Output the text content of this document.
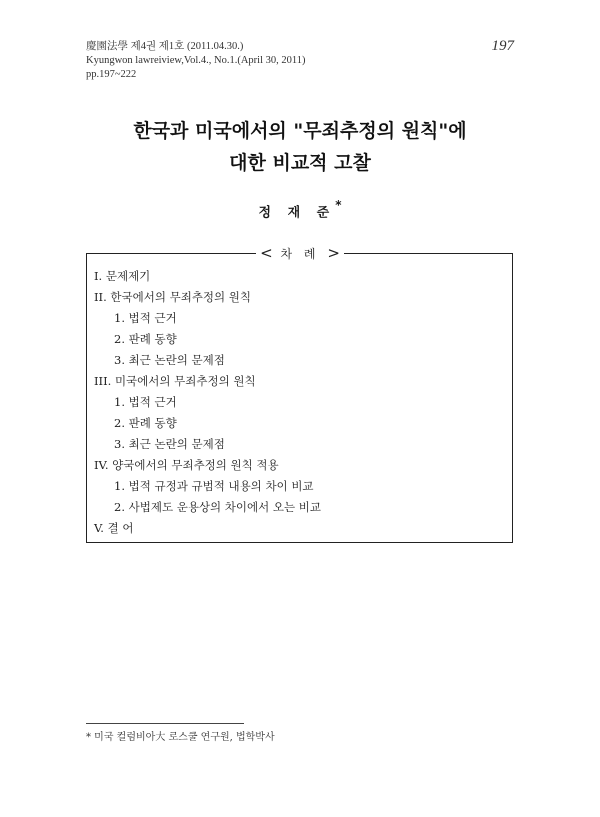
慶園法學 제4권 제1호 (2011.04.30.)
Kyungwon lawreiview,Vol.4., No.1.(April 30, 2011)
pp.197~222
197
한국과 미국에서의 "무죄추정의 원칙"에
대한 비교적 고찰
정 재 준*
< 차 례 >
I. 문제제기
II. 한국에서의 무죄추정의 원칙
1. 법적 근거
2. 판례 동향
3. 최근 논란의 문제점
III. 미국에서의 무죄추정의 원칙
1. 법적 근거
2. 판례 동향
3. 최근 논란의 문제점
IV. 양국에서의 무죄추정의 원칙 적용
1. 법적 규정과 규범적 내용의 차이 비교
2. 사법제도 운용상의 차이에서 오는 비교
V. 결 어
* 미국 컬럼비아大 로스쿨 연구원, 법학박사
